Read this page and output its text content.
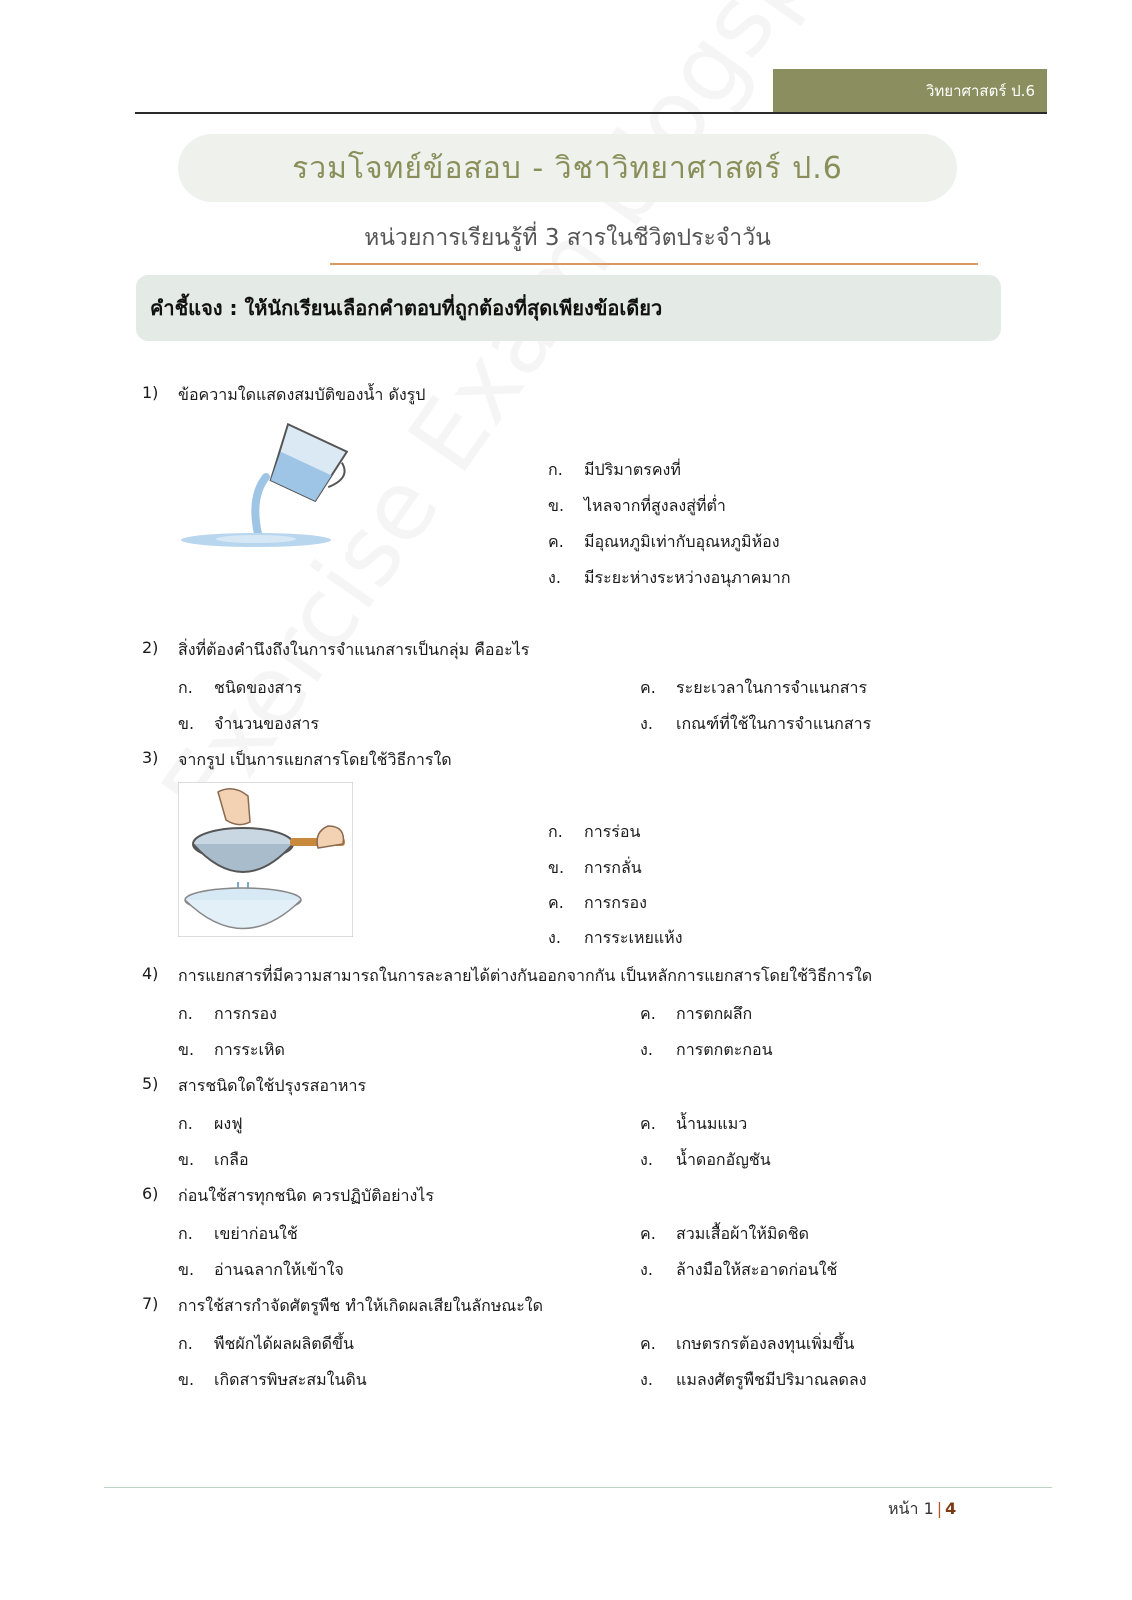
วิทยาศาสตร์ ป.6
รวมโจทย์ข้อสอบ - วิชาวิทยาศาสตร์ ป.6
หน่วยการเรียนรู้ที่ 3 สารในชีวิตประจำวัน
คำชี้แจง : ให้นักเรียนเลือกคำตอบที่ถูกต้องที่สุดเพียงข้อเดียว
1)	ข้อความใดแสดงสมบัติของน้ำ ดังรูป
ก.	มีปริมาตรคงที่
ข.	ไหลจากที่สูงลงสู่ที่ต่ำ
ค.	มีอุณหภูมิเท่ากับอุณหภูมิห้อง
ง.	มีระยะห่างระหว่างอนุภาคมาก
2)	สิ่งที่ต้องคำนึงถึงในการจำแนกสารเป็นกลุ่ม คืออะไร
ก.	ชนิดของสาร
ข.	จำนวนของสาร
ค.	ระยะเวลาในการจำแนกสาร
ง.	เกณฑ์ที่ใช้ในการจำแนกสาร
3)	จากรูป เป็นการแยกสารโดยใช้วิธีการใด
ก.	การร่อน
ข.	การกลั่น
ค.	การกรอง
ง.	การระเหยแห้ง
4)	การแยกสารที่มีความสามารถในการละลายได้ต่างกันออกจากกัน เป็นหลักการแยกสารโดยใช้วิธีการใด
ก.	การกรอง
ข.	การระเหิด
ค.	การตกผลึก
ง.	การตกตะกอน
5)	สารชนิดใดใช้ปรุงรสอาหาร
ก.	ผงฟู
ข.	เกลือ
ค.	น้ำนมแมว
ง.	น้ำดอกอัญชัน
6)	ก่อนใช้สารทุกชนิด ควรปฏิบัติอย่างไร
ก.	เขย่าก่อนใช้
ข.	อ่านฉลากให้เข้าใจ
ค.	สวมเสื้อผ้าให้มิดชิด
ง.	ล้างมือให้สะอาดก่อนใช้
7)	การใช้สารกำจัดศัตรูพืช ทำให้เกิดผลเสียในลักษณะใด
ก.	พืชผักได้ผลผลิตดีขึ้น
ข.	เกิดสารพิษสะสมในดิน
ค.	เกษตรกรต้องลงทุนเพิ่มขึ้น
ง.	แมลงศัตรูพืชมีปริมาณลดลง
หน้า 1 | 4
